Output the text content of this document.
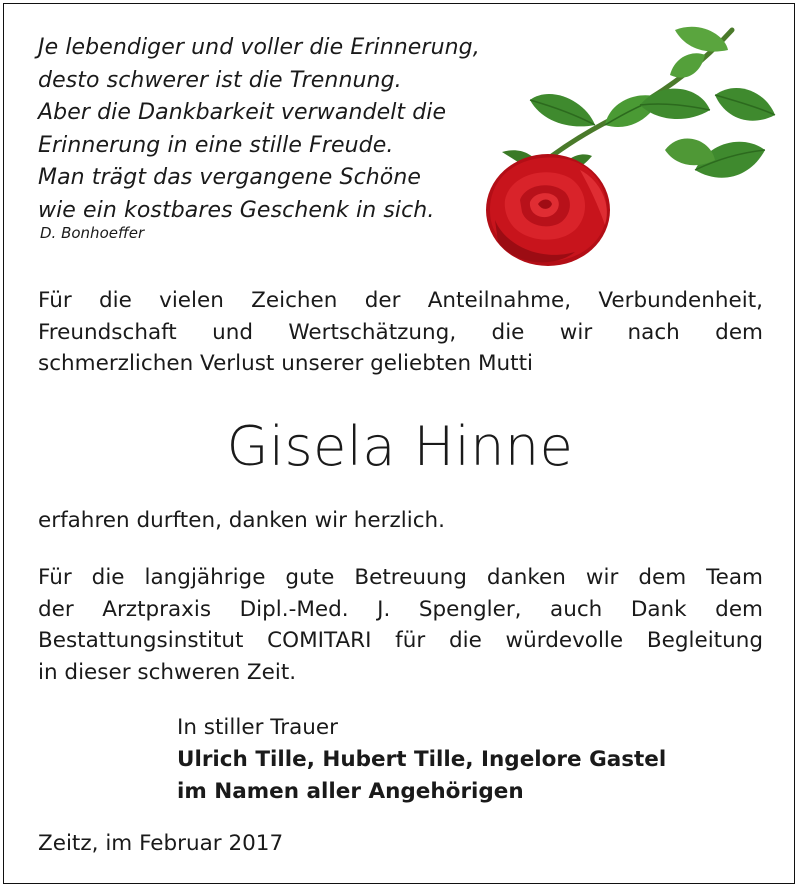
Je lebendiger und voller die Erinnerung,
desto schwerer ist die Trennung.
Aber die Dankbarkeit verwandelt die
Erinnerung in eine stille Freude.
Man trägt das vergangene Schöne
wie ein kostbares Geschenk in sich.
D. Bonhoeffer
Für die vielen Zeichen der Anteilnahme, Verbundenheit,
Freundschaft und Wertschätzung, die wir nach dem
schmerzlichen Verlust unserer geliebten Mutti
Gisela Hinne
erfahren durften, danken wir herzlich.
Für die langjährige gute Betreuung danken wir dem Team
der Arztpraxis Dipl.-Med. J. Spengler, auch Dank dem
Bestattungsinstitut COMITARI für die würdevolle Begleitung
in dieser schweren Zeit.
In stiller Trauer
Ulrich Tille, Hubert Tille, Ingelore Gastel
im Namen aller Angehörigen
Zeitz, im Februar 2017
